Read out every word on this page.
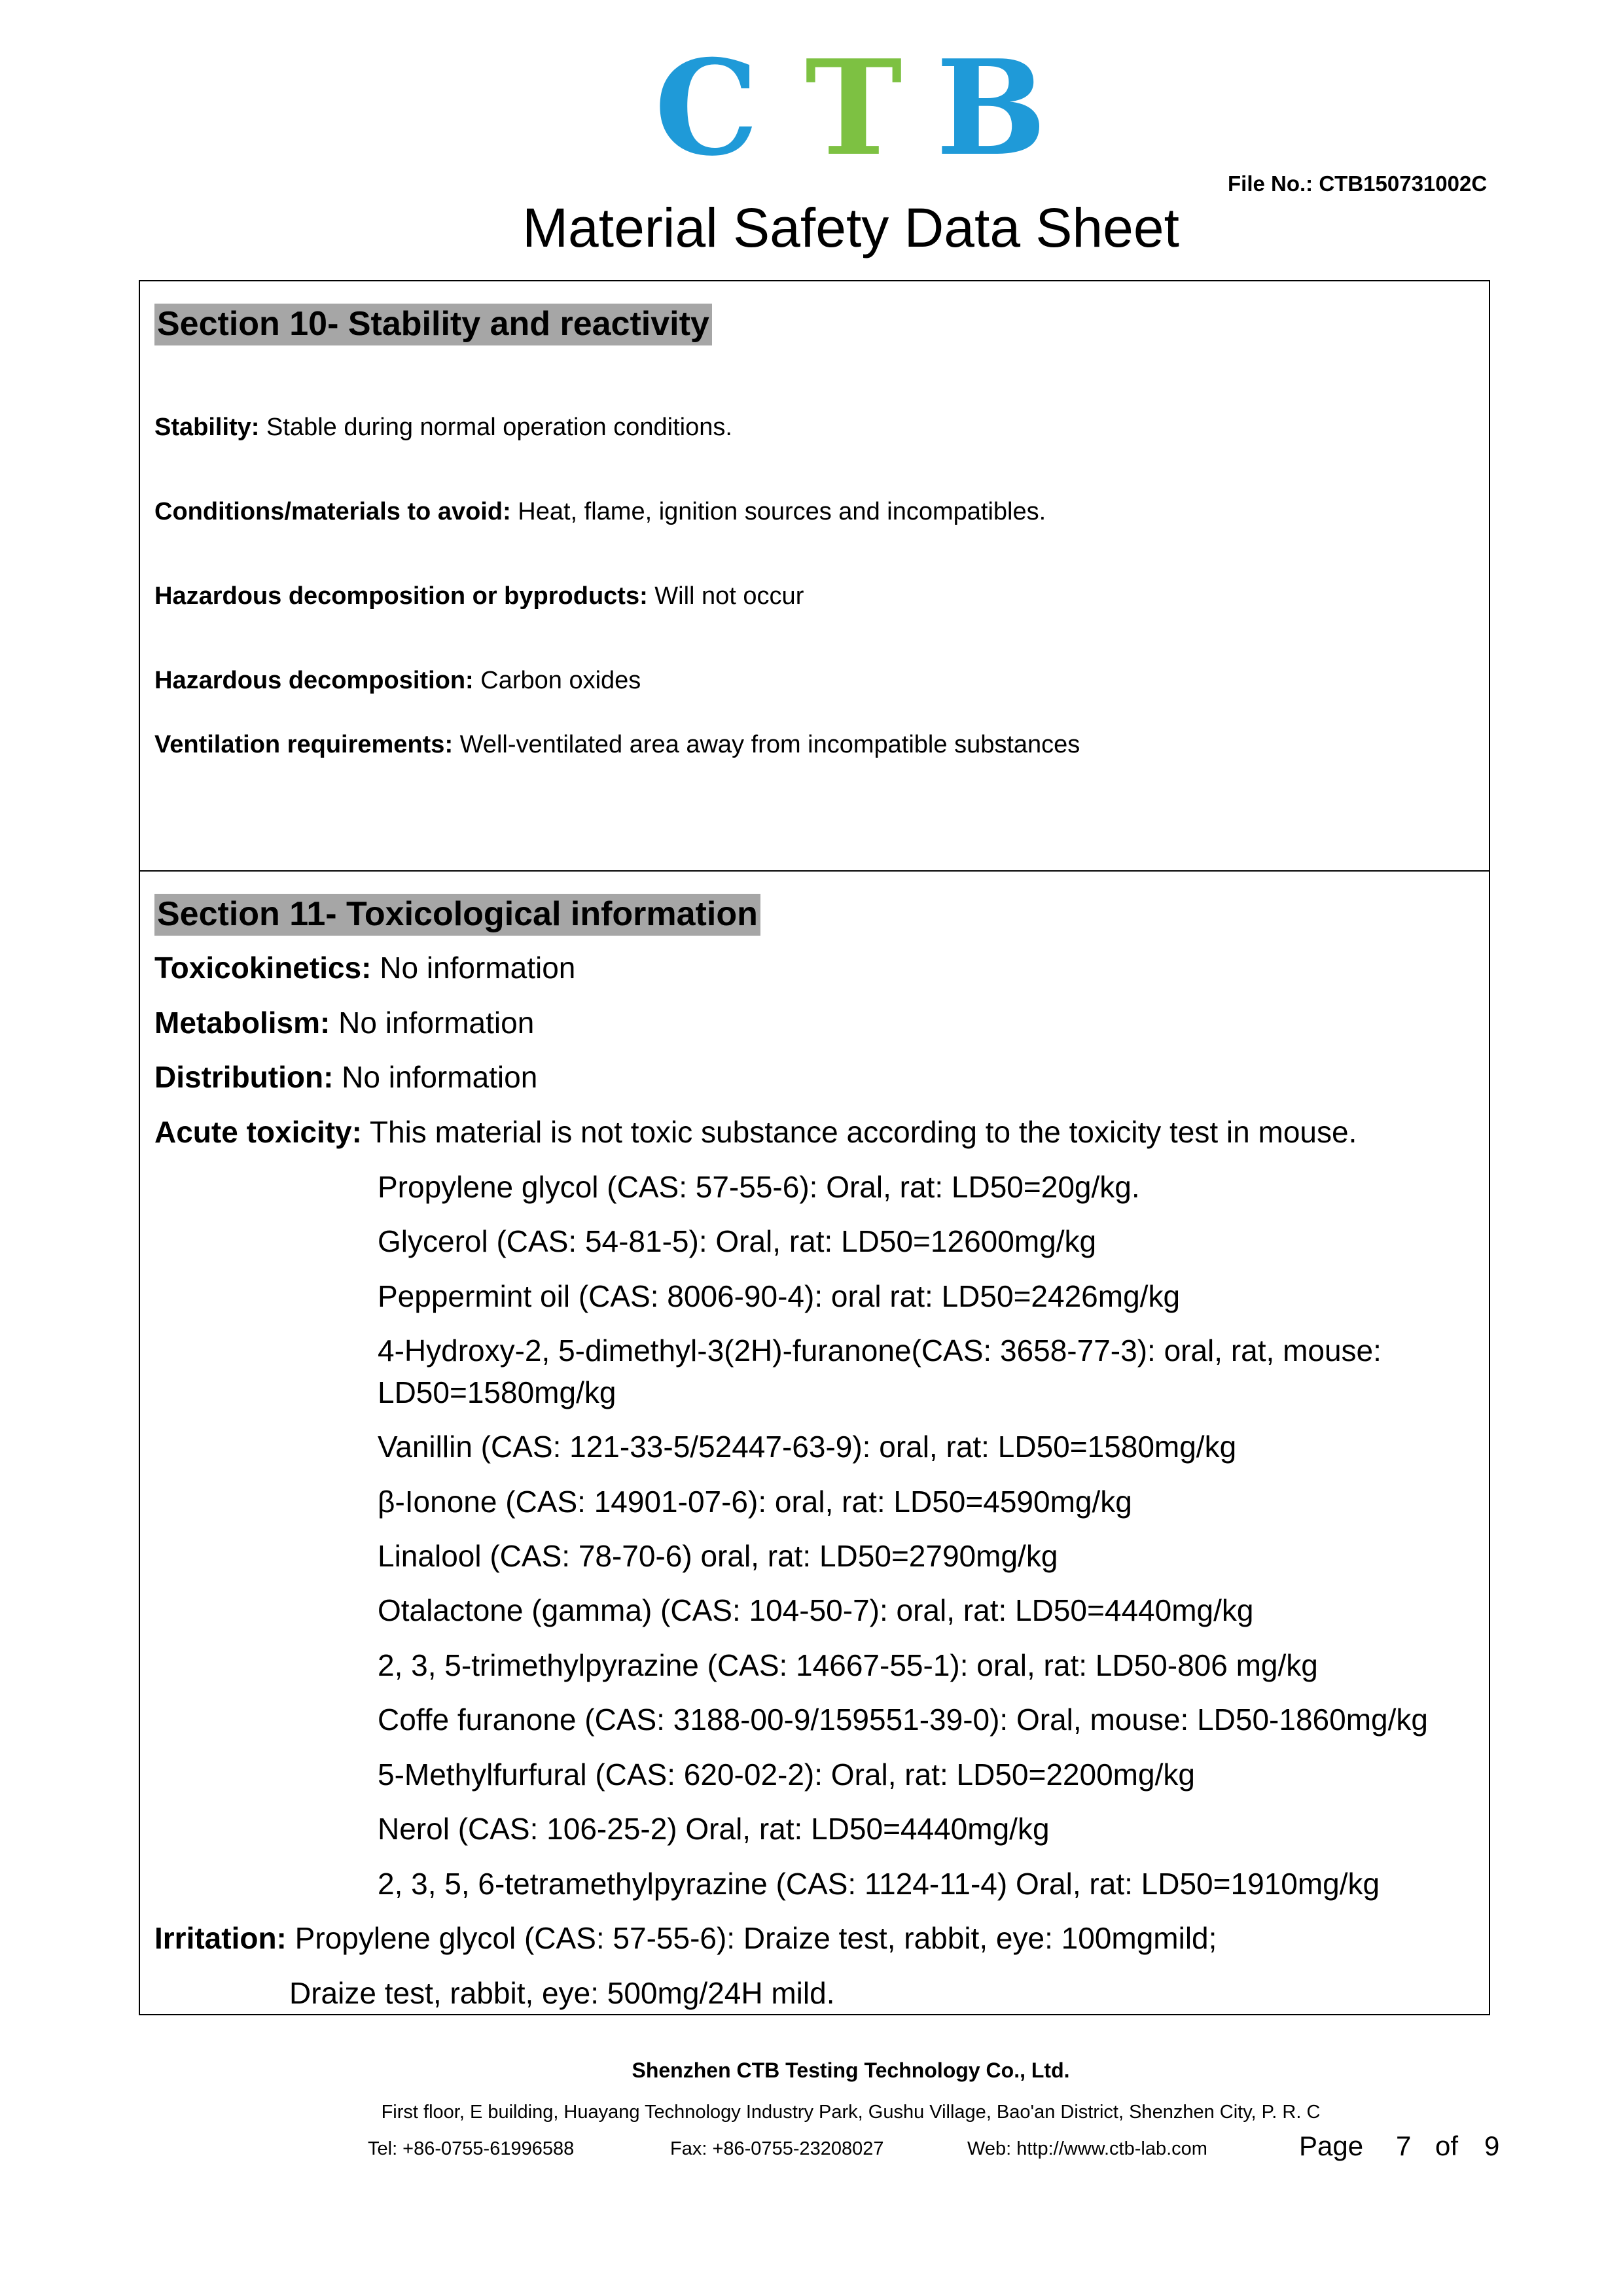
C T B	File No.: CTB150731002C
Material Safety Data Sheet
Section 10- Stability and reactivity
Stability: Stable during normal operation conditions.
Conditions/materials to avoid: Heat, flame, ignition sources and incompatibles.
Hazardous decomposition or byproducts: Will not occur
Hazardous decomposition: Carbon oxides
Ventilation requirements: Well-ventilated area away from incompatible substances
Section 11- Toxicological information
Toxicokinetics: No information
Metabolism: No information
Distribution: No information
Acute toxicity: This material is not toxic substance according to the toxicity test in mouse.
Propylene glycol (CAS: 57-55-6): Oral, rat: LD50=20g/kg.
Glycerol (CAS: 54-81-5): Oral, rat: LD50=12600mg/kg
Peppermint oil (CAS: 8006-90-4): oral rat: LD50=2426mg/kg
4-Hydroxy-2, 5-dimethyl-3(2H)-furanone(CAS: 3658-77-3): oral, rat, mouse:
LD50=1580mg/kg
Vanillin (CAS: 121-33-5/52447-63-9): oral, rat: LD50=1580mg/kg
β-Ionone (CAS: 14901-07-6): oral, rat: LD50=4590mg/kg
Linalool (CAS: 78-70-6) oral, rat: LD50=2790mg/kg
Otalactone (gamma) (CAS: 104-50-7): oral, rat: LD50=4440mg/kg
2, 3, 5-trimethylpyrazine (CAS: 14667-55-1): oral, rat: LD50-806 mg/kg
Coffe furanone (CAS: 3188-00-9/159551-39-0): Oral, mouse: LD50-1860mg/kg
5-Methylfurfural (CAS: 620-02-2): Oral, rat: LD50=2200mg/kg
Nerol (CAS: 106-25-2) Oral, rat: LD50=4440mg/kg
2, 3, 5, 6-tetramethylpyrazine (CAS: 1124-11-4) Oral, rat: LD50=1910mg/kg
Irritation: Propylene glycol (CAS: 57-55-6): Draize test, rabbit, eye: 100mgmild;
Draize test, rabbit, eye: 500mg/24H mild.
Shenzhen CTB Testing Technology Co., Ltd.
First floor, E building, Huayang Technology Industry Park, Gushu Village, Bao'an District, Shenzhen City, P. R. C
Tel: +86-0755-61996588	Fax: +86-0755-23208027	Web: http://www.ctb-lab.com	Page 7 of 9
